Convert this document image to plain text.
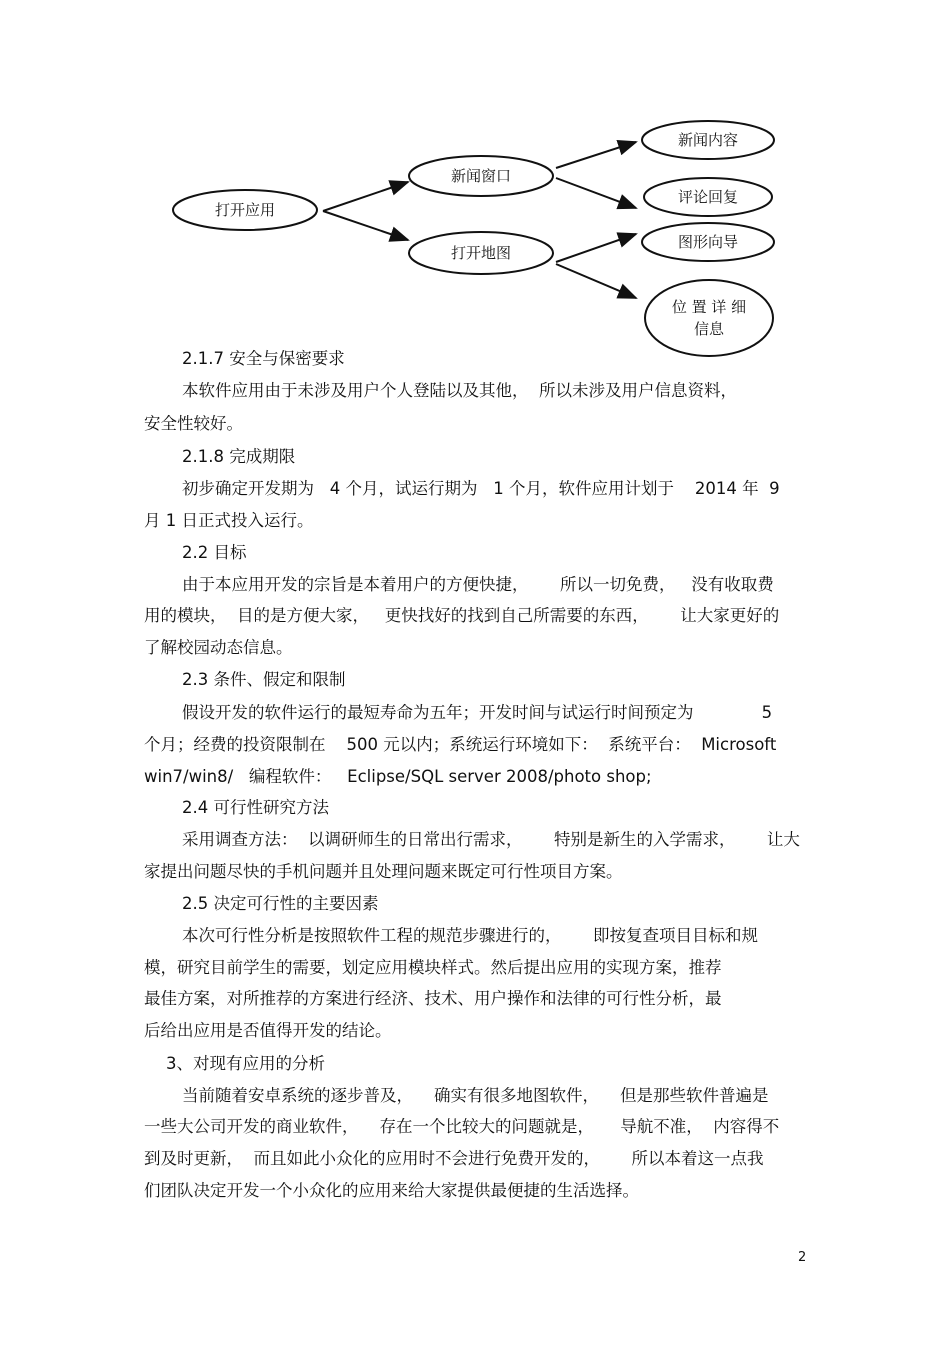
打开应用
新闻窗口
打开地图
新闻内容
评论回复
图形向导
位 置 详 细
信息
2.1.7 安全与保密要求
本软件应用由于未涉及用户个人登陆以及其他，  所以未涉及用户信息资料，
安全性较好。
2.1.8 完成期限
初步确定开发期为   4 个月，试运行期为   1 个月，软件应用计划于    2014 年  9
月 1 日正式投入运行。
2.2 目标
由于本应用开发的宗旨是本着用户的方便快捷，      所以一切免费，   没有收取费
用的模块，  目的是方便大家，   更快找好的找到自己所需要的东西，      让大家更好的
了解校园动态信息。
2.3 条件、假定和限制
假设开发的软件运行的最短寿命为五年；开发时间与试运行时间预定为             5
个月；经费的投资限制在    500 元以内；系统运行环境如下：  系统平台：  Microsoft
win7/win8/   编程软件：   Eclipse/SQL server 2008/photo shop;
2.4 可行性研究方法
采用调查方法：  以调研师生的日常出行需求，      特别是新生的入学需求，      让大
家提出问题尽快的手机问题并且处理问题来既定可行性项目方案。
2.5 决定可行性的主要因素
本次可行性分析是按照软件工程的规范步骤进行的，      即按复查项目目标和规
模，研究目前学生的需要，划定应用模块样式。然后提出应用的实现方案，推荐
最佳方案，对所推荐的方案进行经济、技术、用户操作和法律的可行性分析，最
后给出应用是否值得开发的结论。
3、对现有应用的分析
当前随着安卓系统的逐步普及，    确实有很多地图软件，    但是那些软件普遍是
一些大公司开发的商业软件，    存在一个比较大的问题就是，     导航不准，  内容得不
到及时更新，  而且如此小众化的应用时不会进行免费开发的，      所以本着这一点我
们团队决定开发一个小众化的应用来给大家提供最便捷的生活选择。
2
